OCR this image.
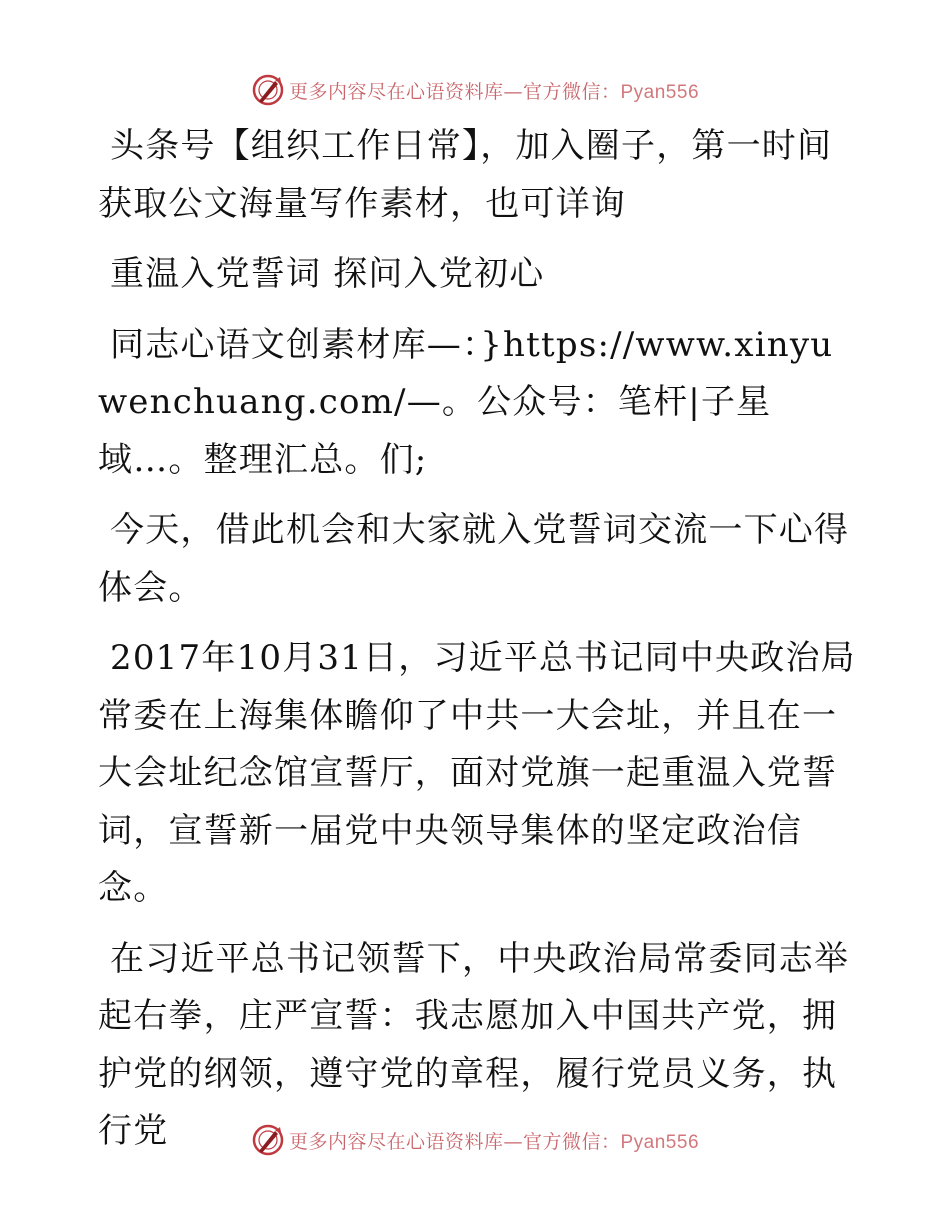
更多内容尽在心语资料库—官方微信：Pyan556

头条号【组织工作日常】，加入圈子，第一时间获取公文海量写作素材，也可详询

重温入党誓词 探问入党初心

同志心语文创素材库—：}https://www.xinyuwenchuang.com/—。公众号：笔杆|子星域…。整理汇总。们;

今天，借此机会和大家就入党誓词交流一下心得体会。

2017年10月31日，习近平总书记同中央政治局常委在上海集体瞻仰了中共一大会址，并且在一大会址纪念馆宣誓厅，面对党旗一起重温入党誓词，宣誓新一届党中央领导集体的坚定政治信念。

在习近平总书记领誓下，中央政治局常委同志举起右拳，庄严宣誓：我志愿加入中国共产党，拥护党的纲领，遵守党的章程，履行党员义务，执行党	更多内容尽在心语资料库—官方微信：Pyan556
